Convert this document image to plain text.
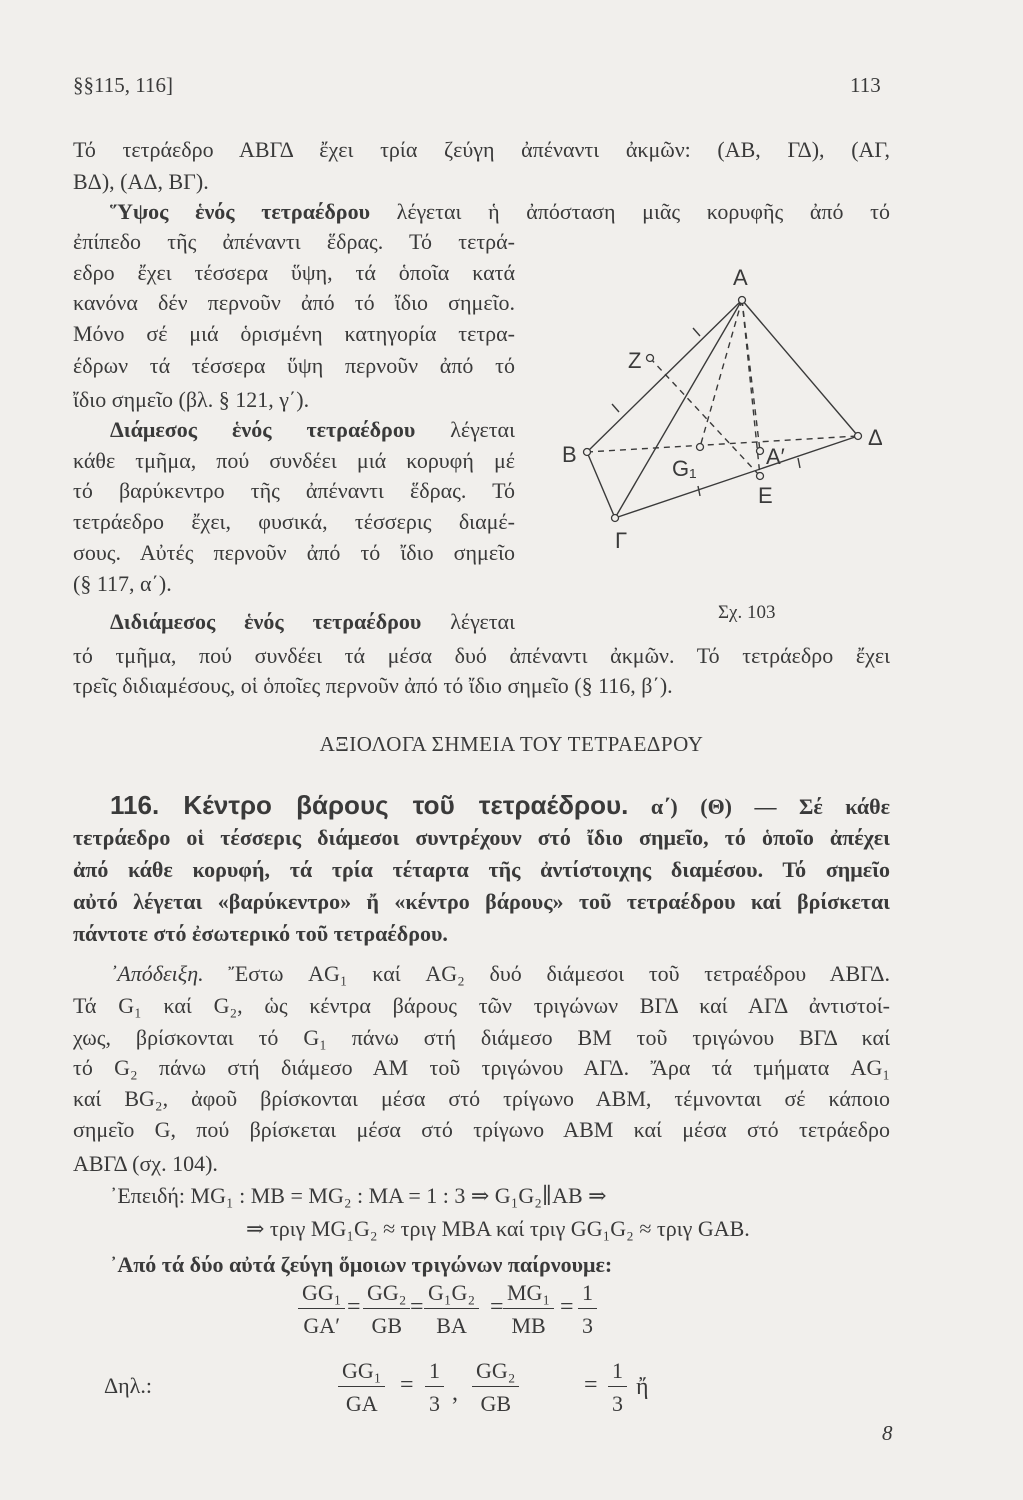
§§115, 116]	113
Τό τετράεδρο ΑΒΓΔ ἔχει τρία ζεύγη ἀπέναντι ἀκμῶν: (ΑΒ, ΓΔ), (ΑΓ,
ΒΔ), (ΑΔ, ΒΓ).
Ὕψος ἑνός τετραέδρου λέγεται ἡ ἀπόσταση μιᾶς κορυφῆς ἀπό τό
ἐπίπεδο τῆς ἀπέναντι ἕδρας. Τό τετρά-
εδρο ἔχει τέσσερα ὕψη, τά ὁποῖα κατά
κανόνα δέν περνοῦν ἀπό τό ἴδιο σημεῖο.
Μόνο σέ μιά ὁρισμένη κατηγορία τετρα-
έδρων τά τέσσερα ὕψη περνοῦν ἀπό τό
ἴδιο σημεῖο (βλ. § 121, γ΄).
Διάμεσος ἑνός τετραέδρου λέγεται
κάθε τμῆμα, πού συνδέει μιά κορυφή μέ
τό βαρύκεντρο τῆς ἀπέναντι ἕδρας. Τό
τετράεδρο ἔχει, φυσικά, τέσσερις διαμέ-
σους. Αὐτές περνοῦν ἀπό τό ἴδιο σημεῖο
(§ 117, α΄).
Διδιάμεσος ἑνός τετραέδρου λέγεται
τό τμῆμα, πού συνδέει τά μέσα δυό ἀπέναντι ἀκμῶν. Τό τετράεδρο ἔχει
τρεῖς διδιαμέσους, οἱ ὁποῖες περνοῦν ἀπό τό ἴδιο σημεῖο (§ 116, β΄).
116. Κέντρο βάρους τοῦ τετραέδρου. α΄) (Θ) — Σέ κάθε
τετράεδρο οἱ τέσσερις διάμεσοι συντρέχουν στό ἴδιο σημεῖο, τό ὁποῖο ἀπέχει
ἀπό κάθε κορυφή, τά τρία τέταρτα τῆς ἀντίστοιχης διαμέσου. Τό σημεῖο
αὐτό λέγεται «βαρύκεντρο» ἤ «κέντρο βάρους» τοῦ τετραέδρου καί βρίσκεται
πάντοτε στό ἐσωτερικό τοῦ τετραέδρου.
᾿Απόδειξη. Ἔστω AG₁ καί AG₂ δυό διάμεσοι τοῦ τετραέδρου ΑΒΓΔ.
Τά G₁ καί G₂, ὡς κέντρα βάρους τῶν τριγώνων ΒΓΔ καί ΑΓΔ ἀντιστοί-
χως, βρίσκονται τό G₁ πάνω στή διάμεσο ΒΜ τοῦ τριγώνου ΒΓΔ καί
τό G₂ πάνω στή διάμεσο ΑΜ τοῦ τριγώνου ΑΓΔ. Ἄρα τά τμήματα AG₁
καί BG₂, ἀφοῦ βρίσκονται μέσα στό τρίγωνο ΑΒΜ, τέμνονται σέ κάποιο
σημεῖο G, πού βρίσκεται μέσα στό τρίγωνο ΑΒΜ καί μέσα στό τετράεδρο
ΑΒΓΔ (σχ. 104).
᾿Επειδή: MG₁ : MB = MG₂ : MA = 1 : 3 ⇒ G₁G₂∥AB ⇒
⇒ τριγ MG₁G₂ ≈ τριγ MBA καί τριγ GG₁G₂ ≈ τριγ GAB.
᾿Από τά δύο αὐτά ζεύγη ὅμοιων τριγώνων παίρνουμε:
ΑΞΙΟΛΟΓΑ ΣΗΜΕΙΑ ΤΟΥ ΤΕΤΡΑΕΔΡΟΥ
A
Z
B
Δ
Γ
E
A′
G₁
Σχ. 103
$\frac{\text{GG₁}}{GA'} = \frac{\text{GG₂}}{GB} = \frac{\text{G₁G₂}}{BA} = \frac{\text{MG₁}}{MB} = \frac{1}{3}$
Δηλ.:	$\frac{\text{GG₁}}{GA} = \frac{1}{3}$ , $\frac{\text{GG₂}}{GB}$	= $\frac{1}{3}$ ἤ
8
